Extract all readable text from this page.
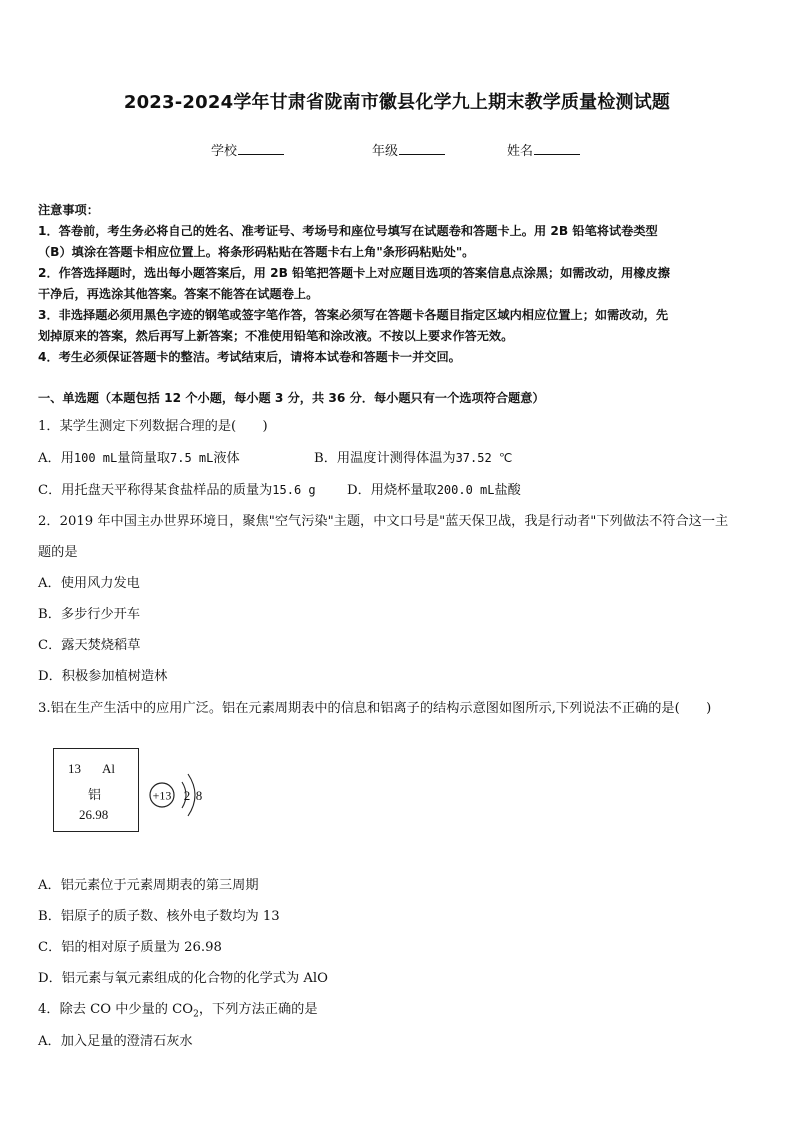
2023-2024学年甘肃省陇南市徽县化学九上期末教学质量检测试题
学校	年级	姓名
注意事项：
1．答卷前，考生务必将自己的姓名、准考证号、考场号和座位号填写在试题卷和答题卡上。用 2B 铅笔将试卷类型
（B）填涂在答题卡相应位置上。将条形码粘贴在答题卡右上角"条形码粘贴处"。
2．作答选择题时，选出每小题答案后，用 2B 铅笔把答题卡上对应题目选项的答案信息点涂黑；如需改动，用橡皮擦
干净后，再选涂其他答案。答案不能答在试题卷上。
3．非选择题必须用黑色字迹的钢笔或签字笔作答，答案必须写在答题卡各题目指定区域内相应位置上；如需改动，先
划掉原来的答案，然后再写上新答案；不准使用铅笔和涂改液。不按以上要求作答无效。
4．考生必须保证答题卡的整洁。考试结束后，请将本试卷和答题卡一并交回。
一、单选题（本题包括 12 个小题，每小题 3 分，共 36 分．每小题只有一个选项符合题意）
1．某学生测定下列数据合理的是(　　)
A．用100 mL量筒量取7.5 mL液体	B．用温度计测得体温为37.52 ℃
C．用托盘天平称得某食盐样品的质量为15.6 g D．用烧杯量取200.0 mL盐酸
2．2019 年中国主办世界环境日，聚焦"空气污染"主题，中文口号是"蓝天保卫战，我是行动者"下列做法不符合这一主
题的是
A．使用风力发电
B．多步行少开车
C．露天焚烧稻草
D．积极参加植树造林
3.铝在生产生活中的应用广泛。铝在元素周期表中的信息和铝离子的结构示意图如图所示,下列说法不正确的是(　　)
13 Al
铝
26.98
+13 2 8
A．铝元素位于元素周期表的第三周期
B．铝原子的质子数、核外电子数均为 13
C．铝的相对原子质量为 26.98
D．铝元素与氧元素组成的化合物的化学式为 AlO
4．除去 CO 中少量的 $CO_2$，下列方法正确的是
A．加入足量的澄清石灰水
